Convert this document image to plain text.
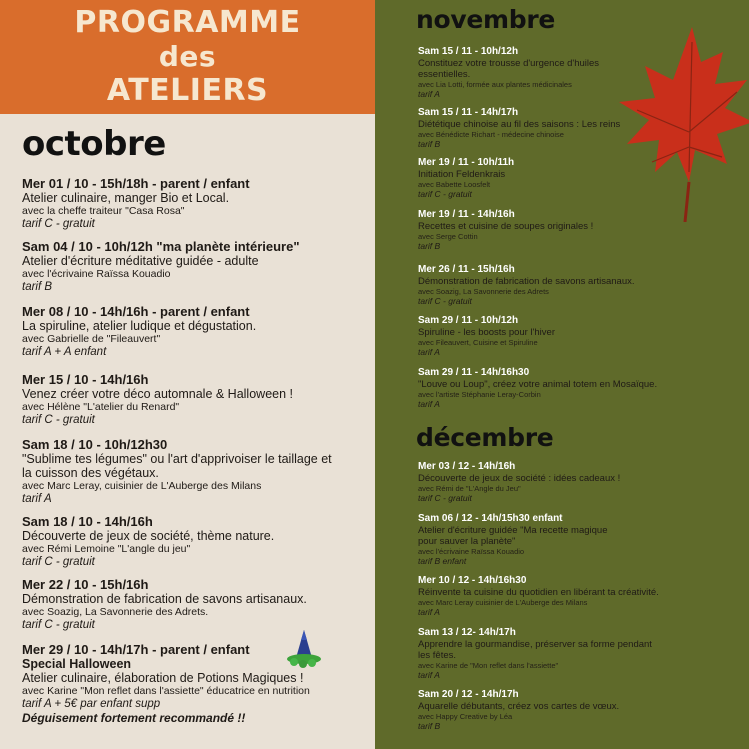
PROGRAMME
des
ATELIERS
octobre
Mer 01 / 10 - 15h/18h - parent / enfant
Atelier culinaire, manger Bio et Local.
avec la cheffe traiteur "Casa Rosa"
tarif C - gratuit
Sam 04 / 10 - 10h/12h "ma planète intérieure"
Atelier d'écriture méditative guidée - adulte
avec l'écrivaine Raïssa Kouadio
tarif B
Mer 08 / 10 - 14h/16h - parent / enfant
La spiruline, atelier ludique et dégustation.
avec Gabrielle de "Fileauvert"
tarif A + A enfant
Mer 15 / 10 - 14h/16h
Venez créer votre déco automnale & Halloween !
avec Hélène "L'atelier du Renard"
tarif C - gratuit
Sam 18 / 10 - 10h/12h30
"Sublime tes légumes" ou l'art d'apprivoiser le taillage et la cuisson des végétaux.
avec Marc Leray, cuisinier de L'Auberge des Milans
tarif A
Sam 18 / 10 - 14h/16h
Découverte de jeux de société, thème nature.
avec Rémi Lemoine "L'angle du jeu"
tarif C - gratuit
Mer 22 / 10 - 15h/16h
Démonstration de fabrication de savons artisanaux.
avec Soazig, La Savonnerie des Adrets.
tarif C - gratuit
Mer 29 / 10 - 14h/17h - parent / enfant
Special Halloween
Atelier culinaire, élaboration de Potions Magiques !
avec Karine "Mon reflet dans l'assiette" éducatrice en nutrition
tarif A + 5€ par enfant supp
Déguisement fortement recommandé !!
novembre
Sam 15 / 11 - 10h/12h
Constituez votre trousse d'urgence d'huiles essentielles.
avec Lia Lotti, formée aux plantes médicinales
tarif A
Sam 15 / 11 - 14h/17h
Diététique chinoise au fil des saisons : Les reins
avec Bénédicte Richart - médecine chinoise
tarif B
Mer 19 / 11 - 10h/11h
Initiation Feldenkrais
avec Babette Loosfelt
tarif C - gratuit
Mer 19 / 11 - 14h/16h
Recettes et cuisine de soupes originales !
avec Serge Cottin
tarif B
Mer 26 / 11 - 15h/16h
Démonstration de fabrication de savons artisanaux.
avec Soazig, La Savonnerie des Adrets
tarif C - gratuit
Sam 29 / 11 - 10h/12h
Spiruline - les boosts pour l'hiver
avec Fileauvert, Cuisine et Spiruline
tarif A
Sam 29 / 11 - 14h/16h30
"Louve ou Loup", créez votre animal totem en Mosaïque.
avec l'artiste Stéphanie Leray-Corbin
tarif A
décembre
Mer 03 / 12 - 14h/16h
Découverte de jeux de société : idées cadeaux !
avec Rémi de "L'Angle du Jeu"
tarif C - gratuit
Sam 06 / 12 - 14h/15h30 enfant
Atelier d'écriture guidée "Ma recette magique pour sauver la planète"
avec l'écrivaine Raïssa Kouadio
tarif B enfant
Mer 10 / 12 - 14h/16h30
Réinvente ta cuisine du quotidien en libérant ta créativité.
avec Marc Leray cuisinier de L'Auberge des Milans
tarif A
Sam 13 / 12- 14h/17h
Apprendre la gourmandise, préserver sa forme pendant les fêtes.
avec Karine de "Mon reflet dans l'assiette"
tarif A
Sam 20 / 12 - 14h/17h
Aquarelle débutants, créez vos cartes de vœux.
avec Happy Creative by Léa
tarif B
